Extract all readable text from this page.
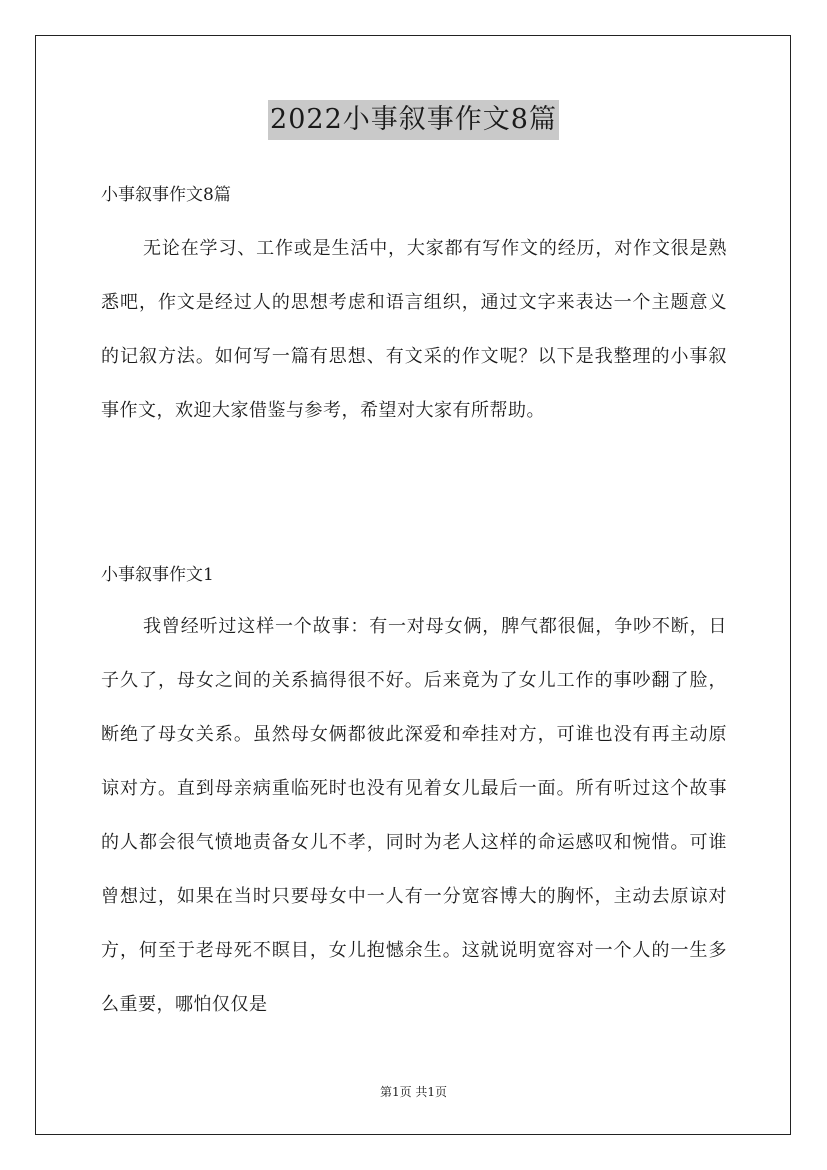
2022小事叙事作文8篇
小事叙事作文8篇

无论在学习、工作或是生活中，大家都有写作文的经历，对作文很是熟悉吧，作文是经过人的思想考虑和语言组织，通过文字来表达一个主题意义的记叙方法。如何写一篇有思想、有文采的作文呢？以下是我整理的小事叙事作文，欢迎大家借鉴与参考，希望对大家有所帮助。

小事叙事作文1

我曾经听过这样一个故事：有一对母女俩，脾气都很倔，争吵不断，日子久了，母女之间的关系搞得很不好。后来竟为了女儿工作的事吵翻了脸，断绝了母女关系。虽然母女俩都彼此深爱和牵挂对方，可谁也没有再主动原谅对方。直到母亲病重临死时也没有见着女儿最后一面。所有听过这个故事的人都会很气愤地责备女儿不孝，同时为老人这样的命运感叹和惋惜。可谁曾想过，如果在当时只要母女中一人有一分宽容博大的胸怀，主动去原谅对方，何至于老母死不瞑目，女儿抱憾余生。这就说明宽容对一个人的一生多么重要，哪怕仅仅是

第1页 共1页
